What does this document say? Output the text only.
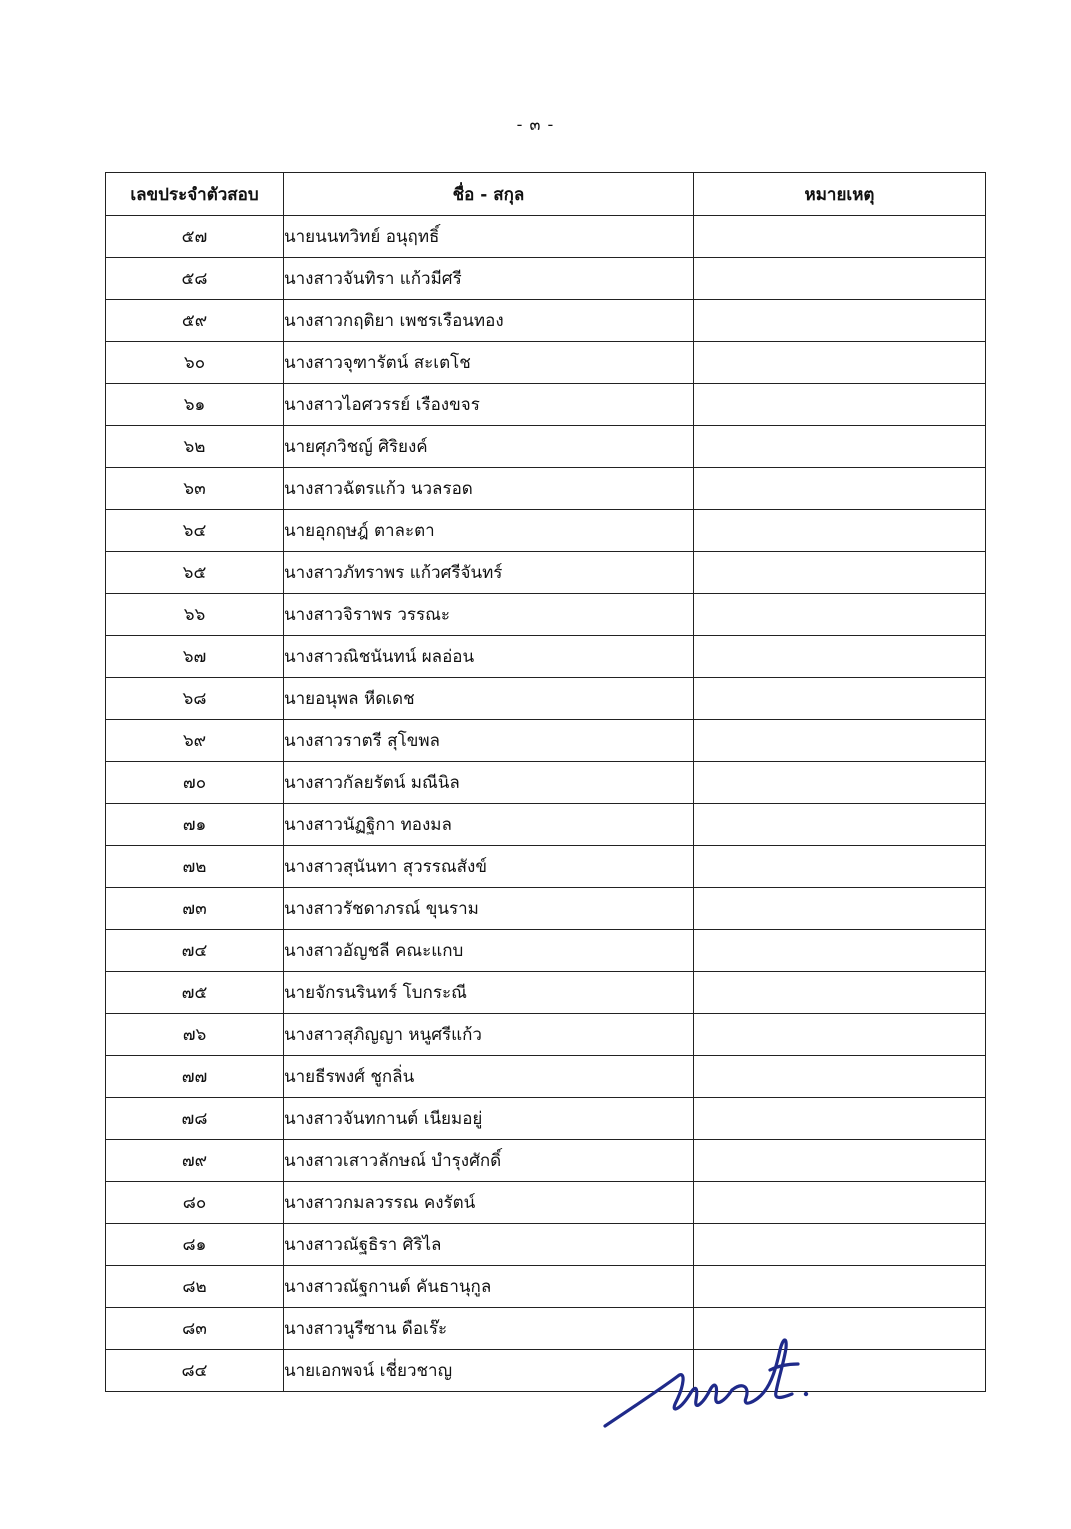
- ๓ -
เลขประจำตัวสอบ	ชื่อ - สกุล	หมายเหตุ
๕๗	นายนนทวิทย์ อนุฤทธิ์	
๕๘	นางสาวจันทิรา แก้วมีศรี	
๕๙	นางสาวกฤติยา เพชรเรือนทอง	
๖๐	นางสาวจุฑารัตน์ สะเตโช	
๖๑	นางสาวไอศวรรย์ เรืองขจร	
๖๒	นายศุภวิชญ์ ศิริยงค์	
๖๓	นางสาวฉัตรแก้ว นวลรอด	
๖๔	นายอุกฤษฎ์ ตาละตา	
๖๕	นางสาวภัทราพร แก้วศรีจันทร์	
๖๖	นางสาวจิราพร วรรณะ	
๖๗	นางสาวณิชนันทน์ ผลอ่อน	
๖๘	นายอนุพล หีดเดช	
๖๙	นางสาวราตรี สุโขพล	
๗๐	นางสาวกัลยรัตน์ มณีนิล	
๗๑	นางสาวนัฏฐิกา ทองมล	
๗๒	นางสาวสุนันทา สุวรรณสังข์	
๗๓	นางสาวรัชดาภรณ์ ขุนราม	
๗๔	นางสาวอัญชลี คณะแกบ	
๗๕	นายจักรนรินทร์ โบกระณี	
๗๖	นางสาวสุภิญญา หนูศรีแก้ว	
๗๗	นายธีรพงศ์ ชูกลิ่น	
๗๘	นางสาวจันทกานต์ เนียมอยู่	
๗๙	นางสาวเสาวลักษณ์ บำรุงศักดิ์	
๘๐	นางสาวกมลวรรณ คงรัตน์	
๘๑	นางสาวณัฐธิรา ศิริไล	
๘๒	นางสาวณัฐกานต์ คันธานุกูล	
๘๓	นางสาวนูรีซาน ดือเร๊ะ	
๘๔	นายเอกพจน์ เชี่ยวชาญ	
